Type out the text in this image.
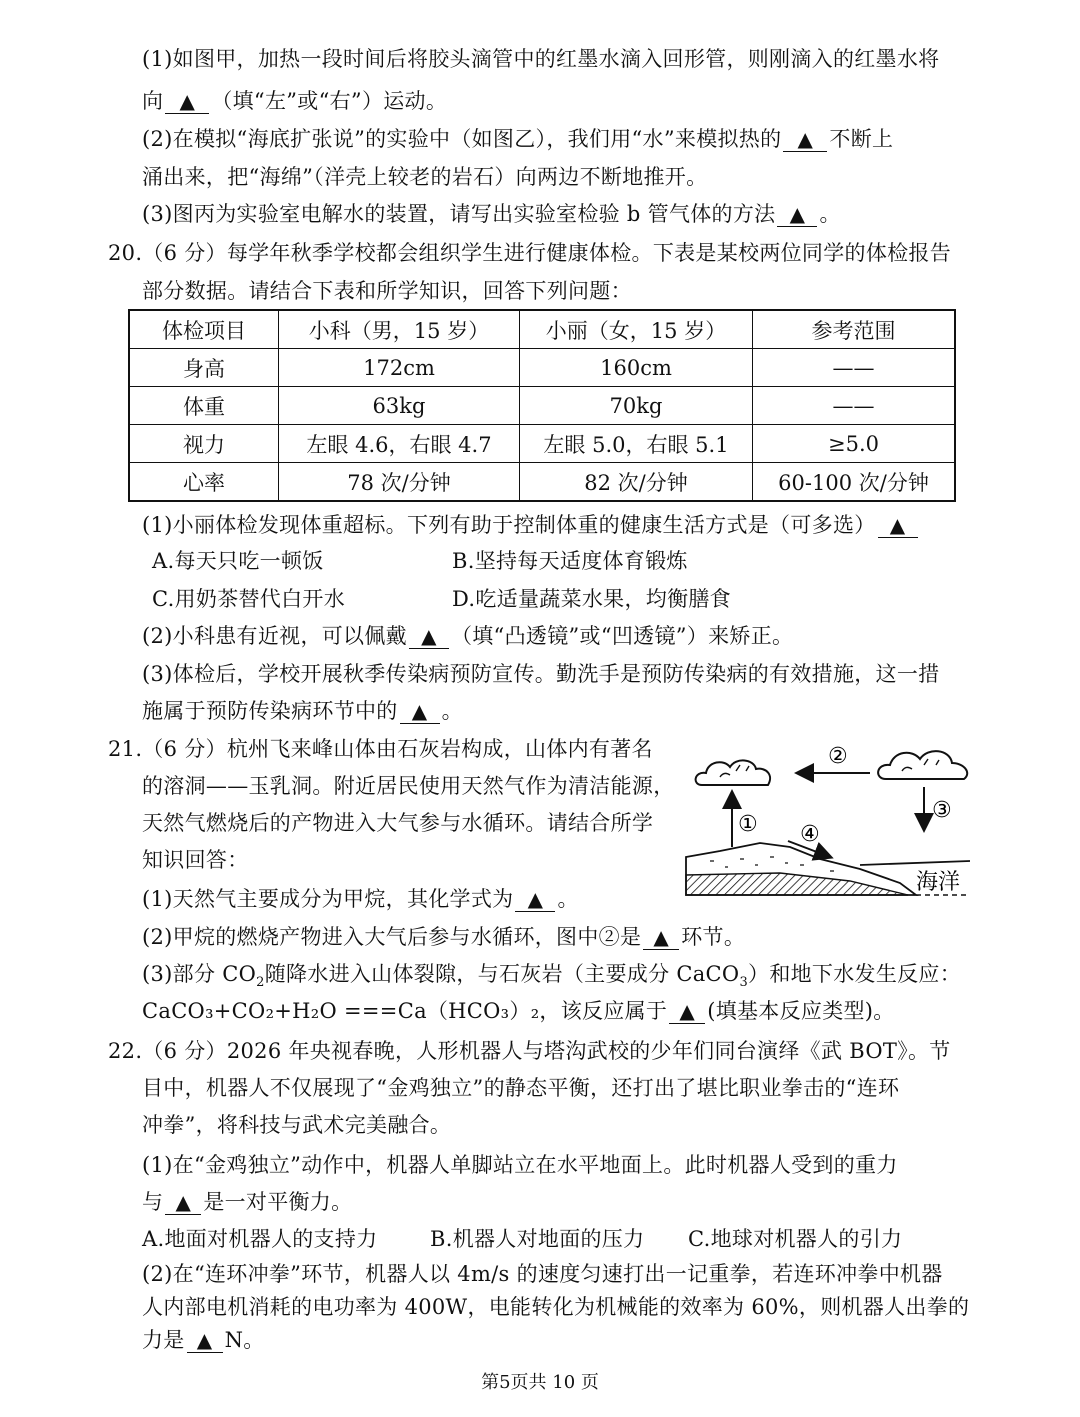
(1)如图甲，加热一段时间后将胶头滴管中的红墨水滴入回形管，则刚滴入的红墨水将
向 ▲ （填“左”或“右”）运动。
(2)在模拟“海底扩张说”的实验中（如图乙），我们用“水”来模拟热的 ▲ 不断上
涌出来，把“海绵”（洋壳上较老的岩石）向两边不断地推开。
(3)图丙为实验室电解水的装置，请写出实验室检验 b 管气体的方法 ▲ 。
20.（6 分）每学年秋季学校都会组织学生进行健康体检。下表是某校两位同学的体检报告
部分数据。请结合下表和所学知识，回答下列问题：
体检项目	小科（男，15 岁）	小丽（女，15 岁）	参考范围
身高	172cm	160cm	——
体重	63kg	70kg	——
视力	左眼 4.6，右眼 4.7	左眼 5.0，右眼 5.1	≥5.0
心率	78 次/分钟	82 次/分钟	60-100 次/分钟
(1)小丽体检发现体重超标。下列有助于控制体重的健康生活方式是（可多选） ▲
A.每天只吃一顿饭	B.坚持每天适度体育锻炼
C.用奶茶替代白开水	D.吃适量蔬菜水果，均衡膳食
(2)小科患有近视，可以佩戴 ▲ （填“凸透镜”或“凹透镜”）来矫正。
(3)体检后，学校开展秋季传染病预防宣传。勤洗手是预防传染病的有效措施，这一措
施属于预防传染病环节中的 ▲ 。
21.（6 分）杭州飞来峰山体由石灰岩构成，山体内有著名
的溶洞——玉乳洞。附近居民使用天然气作为清洁能源，
天然气燃烧后的产物进入大气参与水循环。请结合所学
知识回答：
②
①
③
④
海洋
(1)天然气主要成分为甲烷，其化学式为 ▲ 。
(2)甲烷的燃烧产物进入大气后参与水循环，图中②是 ▲ 环节。
(3)部分 $CO_2$随降水进入山体裂隙，与石灰岩（主要成分 CaCO$_3$）和地下水发生反应：
CaCO₃+CO₂+H₂O ===Ca（HCO₃）₂，该反应属于 ▲ (填基本反应类型)。
22.（6 分）2026 年央视春晚，人形机器人与塔沟武校的少年们同台演绎《武 BOT》。节
目中，机器人不仅展现了“金鸡独立”的静态平衡，还打出了堪比职业拳击的“连环
冲拳”，将科技与武术完美融合。
(1)在“金鸡独立”动作中，机器人单脚站立在水平地面上。此时机器人受到的重力
与 ▲ 是一对平衡力。
A.地面对机器人的支持力	B.机器人对地面的压力 C.地球对机器人的引力
(2)在“连环冲拳”环节，机器人以 4m/s 的速度匀速打出一记重拳，若连环冲拳中机器
人内部电机消耗的电功率为 400W，电能转化为机械能的效率为 60%，则机器人出拳的
力是 ▲ N。
第5页共 10 页
